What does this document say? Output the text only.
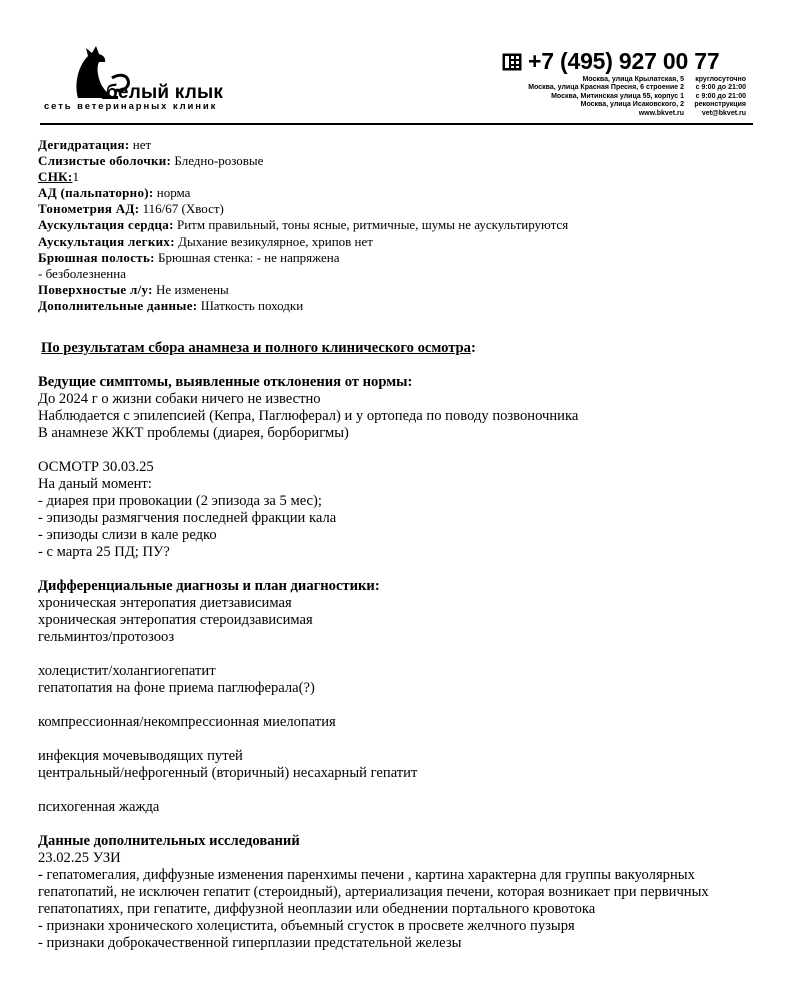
белый клык
сеть ветеринарных клиник
+7 (495) 927 00 77
Москва, улица Крылатская, 5	круглосуточно
Москва, улица Красная Пресня, 6 строение 2	с 9:00 до 21:00
Москва, Митинская улица 55, корпус 1	с 9:00 до 21:00
Москва, улица Исаковского, 2	реконструкция
www.bkvet.ru	vet@bkvet.ru
Дегидратация: нет
Слизистые оболочки: Бледно-розовые
СНК:1
АД (пальпаторно): норма
Тонометрия АД: 116/67 (Хвост)
Аускультация сердца: Ритм правильный, тоны ясные, ритмичные, шумы не аускультируются
Аускультация легких: Дыхание везикулярное, хрипов нет
Брюшная полость: Брюшная стенка: - не напряжена
- безболезненна
Поверхностые л/у: Не изменены
Дополнительные данные: Шаткость походки
По результатам сбора анамнеза и полного клинического осмотра:
Ведущие симптомы, выявленные отклонения от нормы:
До 2024 г о жизни собаки ничего не известно
Наблюдается с эпилепсией (Кепра, Паглюферал) и у ортопеда по поводу позвоночника
В анамнезе ЖКТ проблемы (диарея, борборигмы)
ОСМОТР 30.03.25
На даный момент:
- диарея при провокации (2 эпизода за 5 мес);
- эпизоды размягчения последней фракции кала
- эпизоды слизи в кале редко
- с марта 25 ПД; ПУ?
Дифференциальные диагнозы и план диагностики:
хроническая энтеропатия диетзависимая
хроническая энтеропатия стероидзависимая
гельминтоз/протозооз
холецистит/холангиогепатит
гепатопатия на фоне приема паглюферала(?)
компрессионная/некомпрессионная миелопатия
инфекция мочевыводящих путей
центральный/нефрогенный (вторичный) несахарный гепатит
психогенная жажда
Данные дополнительных исследований
23.02.25 УЗИ
- гепатомегалия, диффузные изменения паренхимы печени , картина характерна для группы вакуолярных гепатопатий, не исключен гепатит (стероидный), артериализация печени, которая возникает при первичных гепатопатиях, при гепатите, диффузной неоплазии или обеднении портального кровотока
- признаки хронического холецистита, объемный сгусток в просвете желчного пузыря
- признаки доброкачественной гиперплазии предстательной железы
